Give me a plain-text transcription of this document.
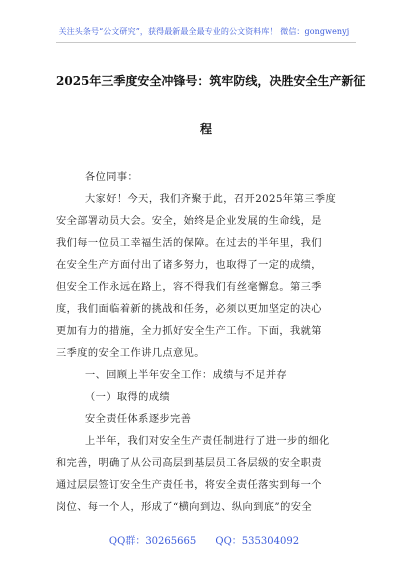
关注头条号“公文研究”，获得最新最全最专业的公文资料库！ 微信：gongwenyj
2025年三季度安全冲锋号：筑牢防线，决胜安全生产新征
程
各位同事：
大家好！今天，我们齐聚于此，召开2025年第三季度
安全部署动员大会。安全，始终是企业发展的生命线，是
我们每一位员工幸福生活的保障。在过去的半年里，我们
在安全生产方面付出了诸多努力，也取得了一定的成绩，
但安全工作永远在路上，容不得我们有丝毫懈怠。第三季
度，我们面临着新的挑战和任务，必须以更加坚定的决心
更加有力的措施，全力抓好安全生产工作。下面，我就第
三季度的安全工作讲几点意见。
一、回顾上半年安全工作：成绩与不足并存
（一）取得的成绩
安全责任体系逐步完善
上半年，我们对安全生产责任制进行了进一步的细化
和完善，明确了从公司高层到基层员工各层级的安全职责
通过层层签订安全生产责任书，将安全责任落实到每一个
岗位、每一个人，形成了“横向到边、纵向到底”的安全
QQ群：30265665 QQ：535304092
